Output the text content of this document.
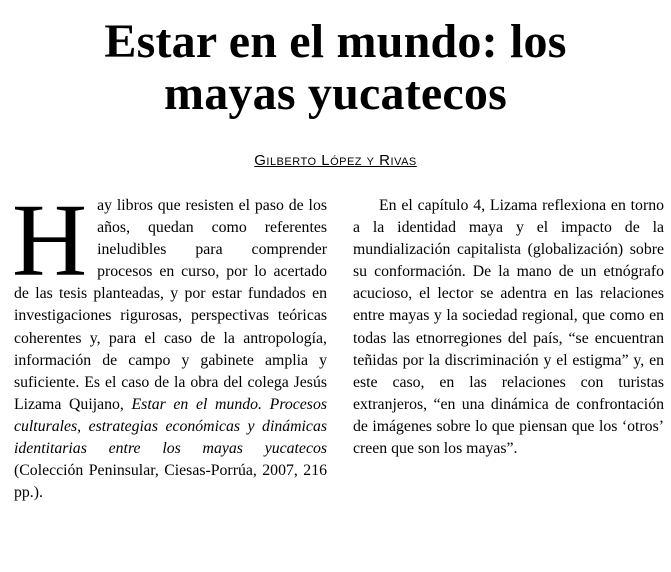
Estar en el mundo: los
mayas yucatecos
Gilberto López y Rivas
H ay libros que resisten el paso de los años, quedan como referentes ineludibles para comprender procesos en curso, por lo acertado de las tesis planteadas, y por estar fundados en investigaciones rigurosas, perspectivas teóricas coherentes y, para el caso de la antropología, información de campo y gabinete amplia y suficiente. Es el caso de la obra del colega Jesús Lizama Quijano, Estar en el mundo. Procesos culturales, estrategias económicas y dinámicas identitarias entre los mayas yucatecos (Colección Peninsular, Ciesas-Porrúa, 2007, 216 pp.).

En el capítulo 4, Lizama reflexiona en torno a la identidad maya y el impacto de la mundialización capitalista (globalización) sobre su conformación. De la mano de un etnógrafo acucioso, el lector se adentra en las relaciones entre mayas y la sociedad regional, que como en todas las etnorregiones del país, “se encuentran teñidas por la discriminación y el estigma” y, en este caso, en las relaciones con turistas extranjeros, “en una dinámica de confrontación de imágenes sobre lo que piensan que los ‘otros’ creen que son los mayas”.
